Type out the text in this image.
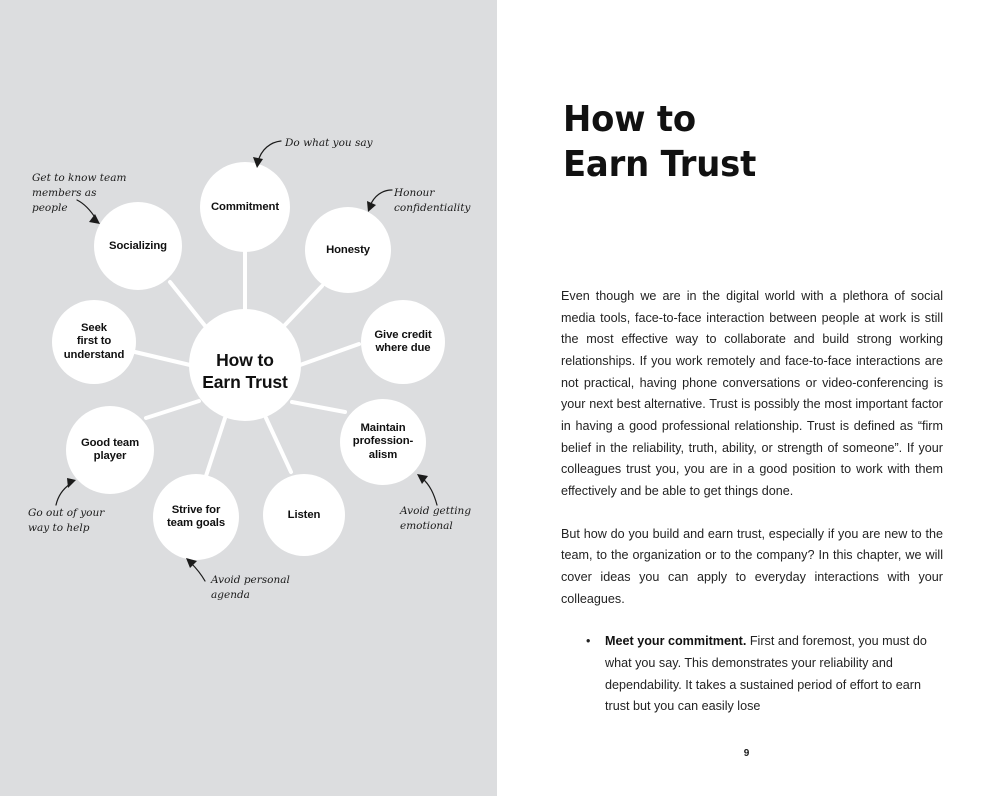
How to
Earn Trust
Commitment
Honesty
Give credit
where due
Maintain
profession-
alism
Listen
Strive for
team goals
Good team
player
Seek
first to
understand
Socializing
Do what you say
Honour
confidentiality
Avoid getting
emotional
Avoid personal
agenda
Go out of your
way to help
Get to know team
members as
people
How to
Earn Trust

Even though we are in the digital world with a plethora of social media tools, face-to-face interaction between people at work is still the most effective way to collaborate and build strong working relationships. If you work remotely and face-to-face interactions are not practical, having phone conversations or video-conferencing is your next best alternative. Trust is possibly the most important factor in having a good professional relationship. Trust is defined as “firm belief in the reliability, truth, ability, or strength of someone”. If your colleagues trust you, you are in a good position to work with them effectively and be able to get things done.

But how do you build and earn trust, especially if you are new to the team, to the organization or to the company? In this chapter, we will cover ideas you can apply to everyday interactions with your colleagues.

• Meet your commitment. First and foremost, you must do what you say. This demonstrates your reliability and dependability. It takes a sustained period of effort to earn trust but you can easily lose
9
